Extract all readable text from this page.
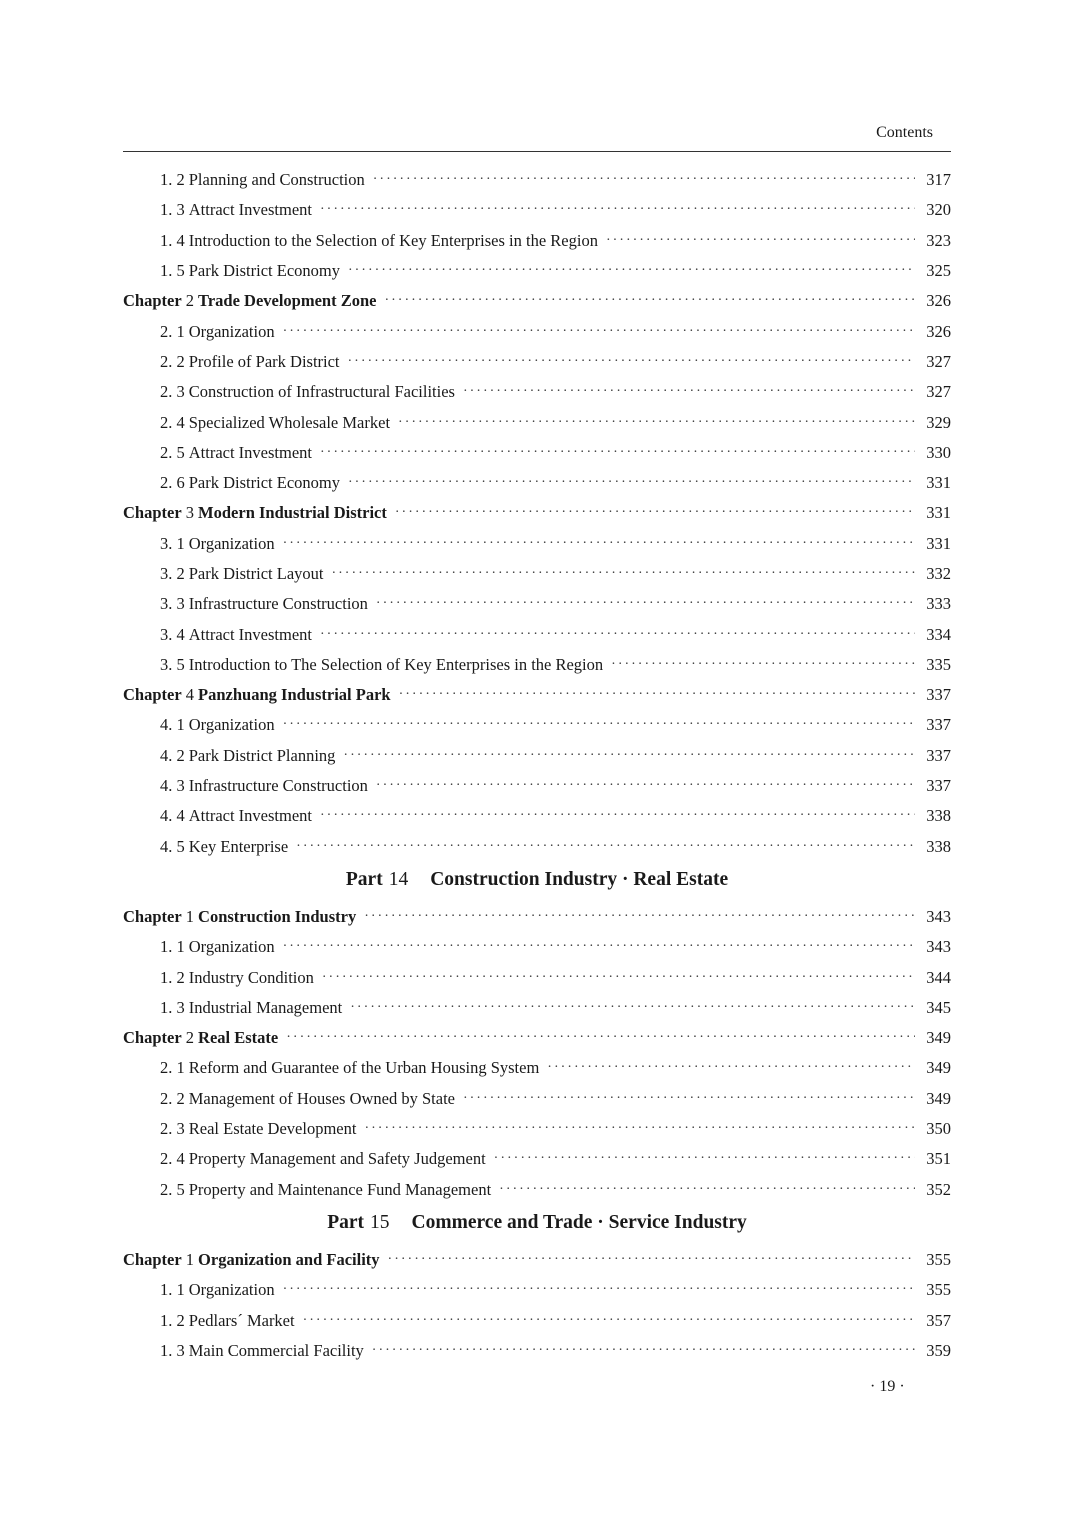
Contents
1. 2 Planning and Construction ·····	317
1. 3 Attract Investment ·····	320
1. 4 Introduction to the Selection of Key Enterprises in the Region ·····	323
1. 5 Park District Economy ·····	325
Chapter 2 Trade Development Zone ·····	326
2. 1 Organization ·····	326
2. 2 Profile of Park District ·····	327
2. 3 Construction of Infrastructural Facilities ·····	327
2. 4 Specialized Wholesale Market ·····	329
2. 5 Attract Investment ·····	330
2. 6 Park District Economy ·····	331
Chapter 3 Modern Industrial District ·····	331
3. 1 Organization ·····	331
3. 2 Park District Layout ·····	332
3. 3 Infrastructure Construction ·····	333
3. 4 Attract Investment ·····	334
3. 5 Introduction to The Selection of Key Enterprises in the Region ·····	335
Chapter 4 Panzhuang Industrial Park ·····	337
4. 1 Organization ·····	337
4. 2 Park District Planning ·····	337
4. 3 Infrastructure Construction ·····	337
4. 4 Attract Investment ·····	338
4. 5 Key Enterprise ·····	338
Part 14 Construction Industry · Real Estate
Chapter 1 Construction Industry ·····	343
1. 1 Organization ·····	343
1. 2 Industry Condition ·····	344
1. 3 Industrial Management ·····	345
Chapter 2 Real Estate ·····	349
2. 1 Reform and Guarantee of the Urban Housing System ·····	349
2. 2 Management of Houses Owned by State ·····	349
2. 3 Real Estate Development ·····	350
2. 4 Property Management and Safety Judgement ·····	351
2. 5 Property and Maintenance Fund Management ·····	352
Part 15 Commerce and Trade · Service Industry
Chapter 1 Organization and Facility ·····	355
1. 1 Organization ·····	355
1. 2 Pedlars´ Market ·····	357
1. 3 Main Commercial Facility ·····	359
· 19 ·
